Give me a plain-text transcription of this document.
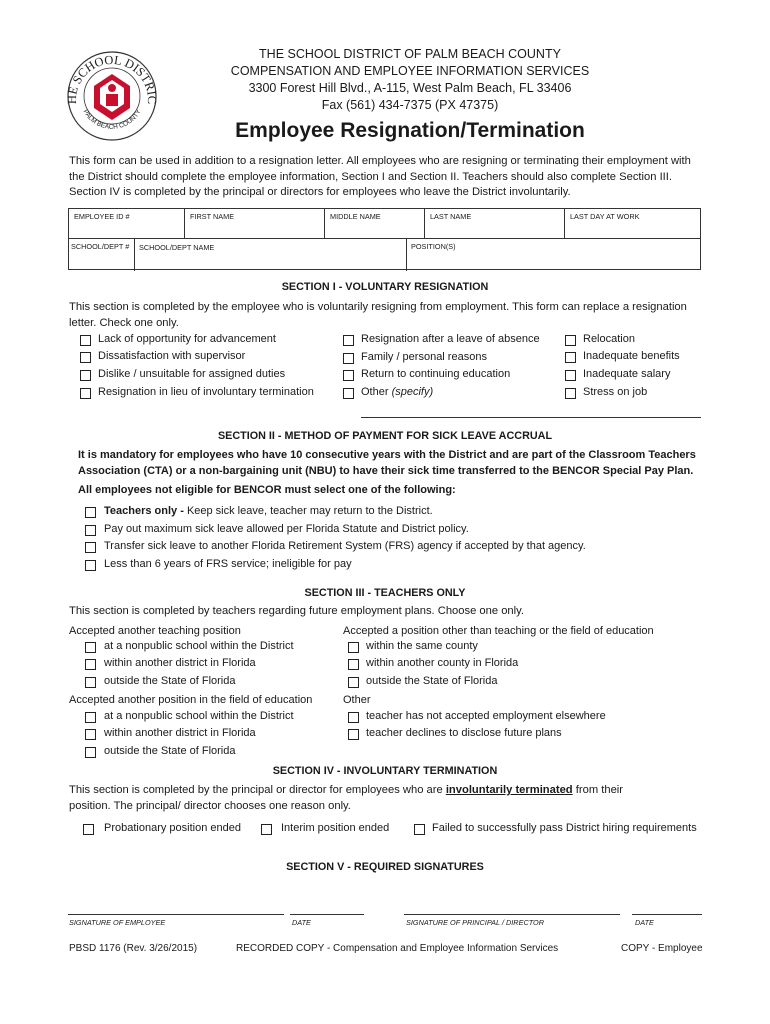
HE SCHOOL DISTRIC
PALM BEACH COUNTY
THE SCHOOL DISTRICT OF PALM BEACH COUNTY
COMPENSATION AND EMPLOYEE INFORMATION SERVICES
3300 Forest Hill Blvd., A-115, West Palm Beach, FL 33406
Fax (561) 434-7375 (PX 47375)
Employee Resignation/Termination
This form can be used in addition to a resignation letter. All employees who are resigning or terminating their employment with
the District should complete the employee information, Section I and Section II. Teachers should also complete Section III.
Section IV is completed by the principal or directors for employees who leave the District involuntarily.
EMPLOYEE ID #	FIRST NAME	MIDDLE NAME	LAST NAME	LAST DAY AT WORK
SCHOOL/DEPT # SCHOOL/DEPT NAME	POSITION(S)
SECTION I - VOLUNTARY RESIGNATION
This section is completed by the employee who is voluntarily resigning from employment. This form can replace a resignation
letter. Check one only.
Lack of opportunity for advancement
Dissatisfaction with supervisor
Dislike / unsuitable for assigned duties
Resignation in lieu of involuntary termination
Resignation after a leave of absence
Family / personal reasons
Return to continuing education
Other (specify)
Relocation
Inadequate benefits
Inadequate salary
Stress on job
SECTION II - METHOD OF PAYMENT FOR SICK LEAVE ACCRUAL
It is mandatory for employees who have 10 consecutive years with the District and are part of the Classroom Teachers
Association (CTA) or a non-bargaining unit (NBU) to have their sick time transferred to the BENCOR Special Pay Plan.
All employees not eligible for BENCOR must select one of the following:
Teachers only - Keep sick leave, teacher may return to the District.
Pay out maximum sick leave allowed per Florida Statute and District policy.
Transfer sick leave to another Florida Retirement System (FRS) agency if accepted by that agency.
Less than 6 years of FRS service; ineligible for pay
SECTION III - TEACHERS ONLY
This section is completed by teachers regarding future employment plans. Choose one only.
Accepted another teaching position
at a nonpublic school within the District
within another district in Florida
outside the State of Florida
Accepted a position other than teaching or the field of education
within the same county
within another county in Florida
outside the State of Florida
Accepted another position in the field of education
at a nonpublic school within the District
within another district in Florida
outside the State of Florida
Other
teacher has not accepted employment elsewhere
teacher declines to disclose future plans
SECTION IV - INVOLUNTARY TERMINATION
This section is completed by the principal or director for employees who are involuntarily terminated from their
position. The principal/ director chooses one reason only.
Probationary position ended	Interim position ended	Failed to successfully pass District hiring requirements
SECTION V - REQUIRED SIGNATURES
SIGNATURE OF EMPLOYEE	DATE	SIGNATURE OF PRINCIPAL / DIRECTOR	DATE
PBSD 1176 (Rev. 3/26/2015)	RECORDED COPY - Compensation and Employee Information Services	COPY - Employee
